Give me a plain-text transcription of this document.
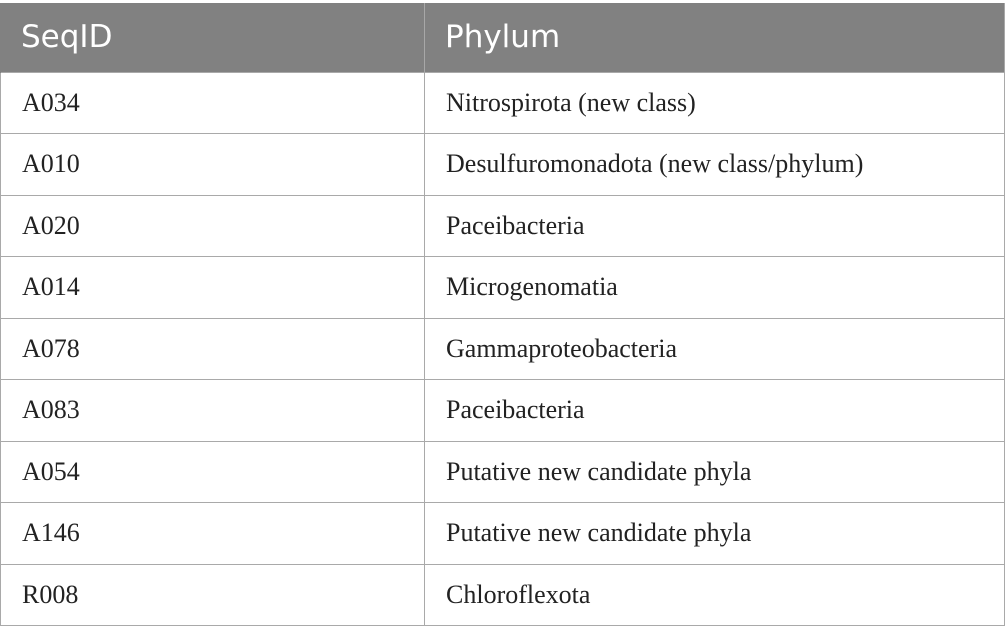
SeqID	Phylum
A034	Nitrospirota (new class)
A010	Desulfuromonadota (new class/phylum)
A020	Paceibacteria
A014	Microgenomatia
A078	Gammaproteobacteria
A083	Paceibacteria
A054	Putative new candidate phyla
A146	Putative new candidate phyla
R008	Chloroflexota
